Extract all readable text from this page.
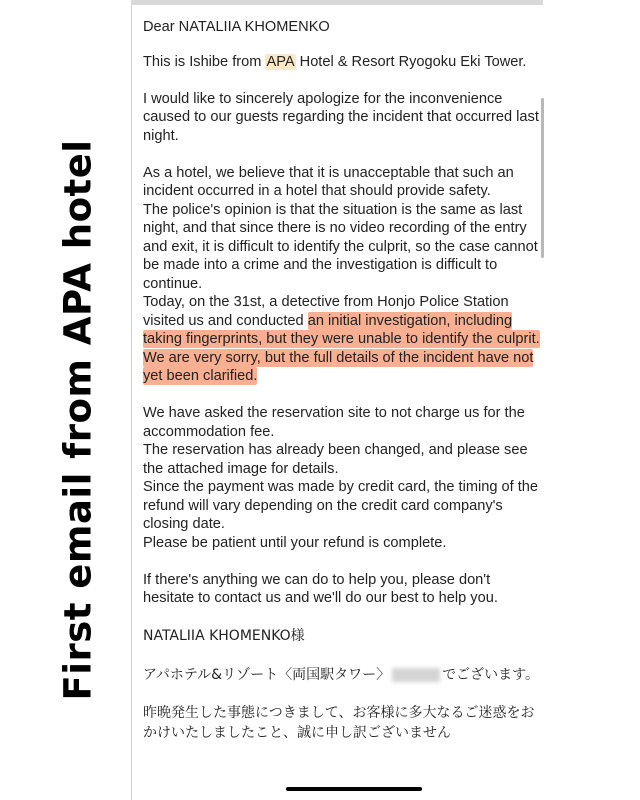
First email from APA hotel

Dear NATALIIA KHOMENKO

This is Ishibe from APA Hotel & Resort Ryogoku Eki Tower.

I would like to sincerely apologize for the inconvenience caused to our guests regarding the incident that occurred last night.

As a hotel, we believe that it is unacceptable that such an incident occurred in a hotel that should provide safety.

The police's opinion is that the situation is the same as last night, and that since there is no video recording of the entry and exit, it is difficult to identify the culprit, so the case cannot be made into a crime and the investigation is difficult to continue.

Today, on the 31st, a detective from Honjo Police Station visited us and conducted an initial investigation, including taking fingerprints, but they were unable to identify the culprit. We are very sorry, but the full details of the incident have not yet been clarified.

We have asked the reservation site to not charge us for the accommodation fee.

The reservation has already been changed, and please see the attached image for details.

Since the payment was made by credit card, the timing of the refund will vary depending on the credit card company's closing date.

Please be patient until your refund is complete.

If there's anything we can do to help you, please don't hesitate to contact us and we'll do our best to help you.

NATALIIA KHOMENKO様

アパホテル&リゾート〈両国駅タワー〉	でございます。

昨晩発生した事態につきまして、お客様に多大なるご迷惑をおかけいたしましたこと、誠に申し訳ございません
